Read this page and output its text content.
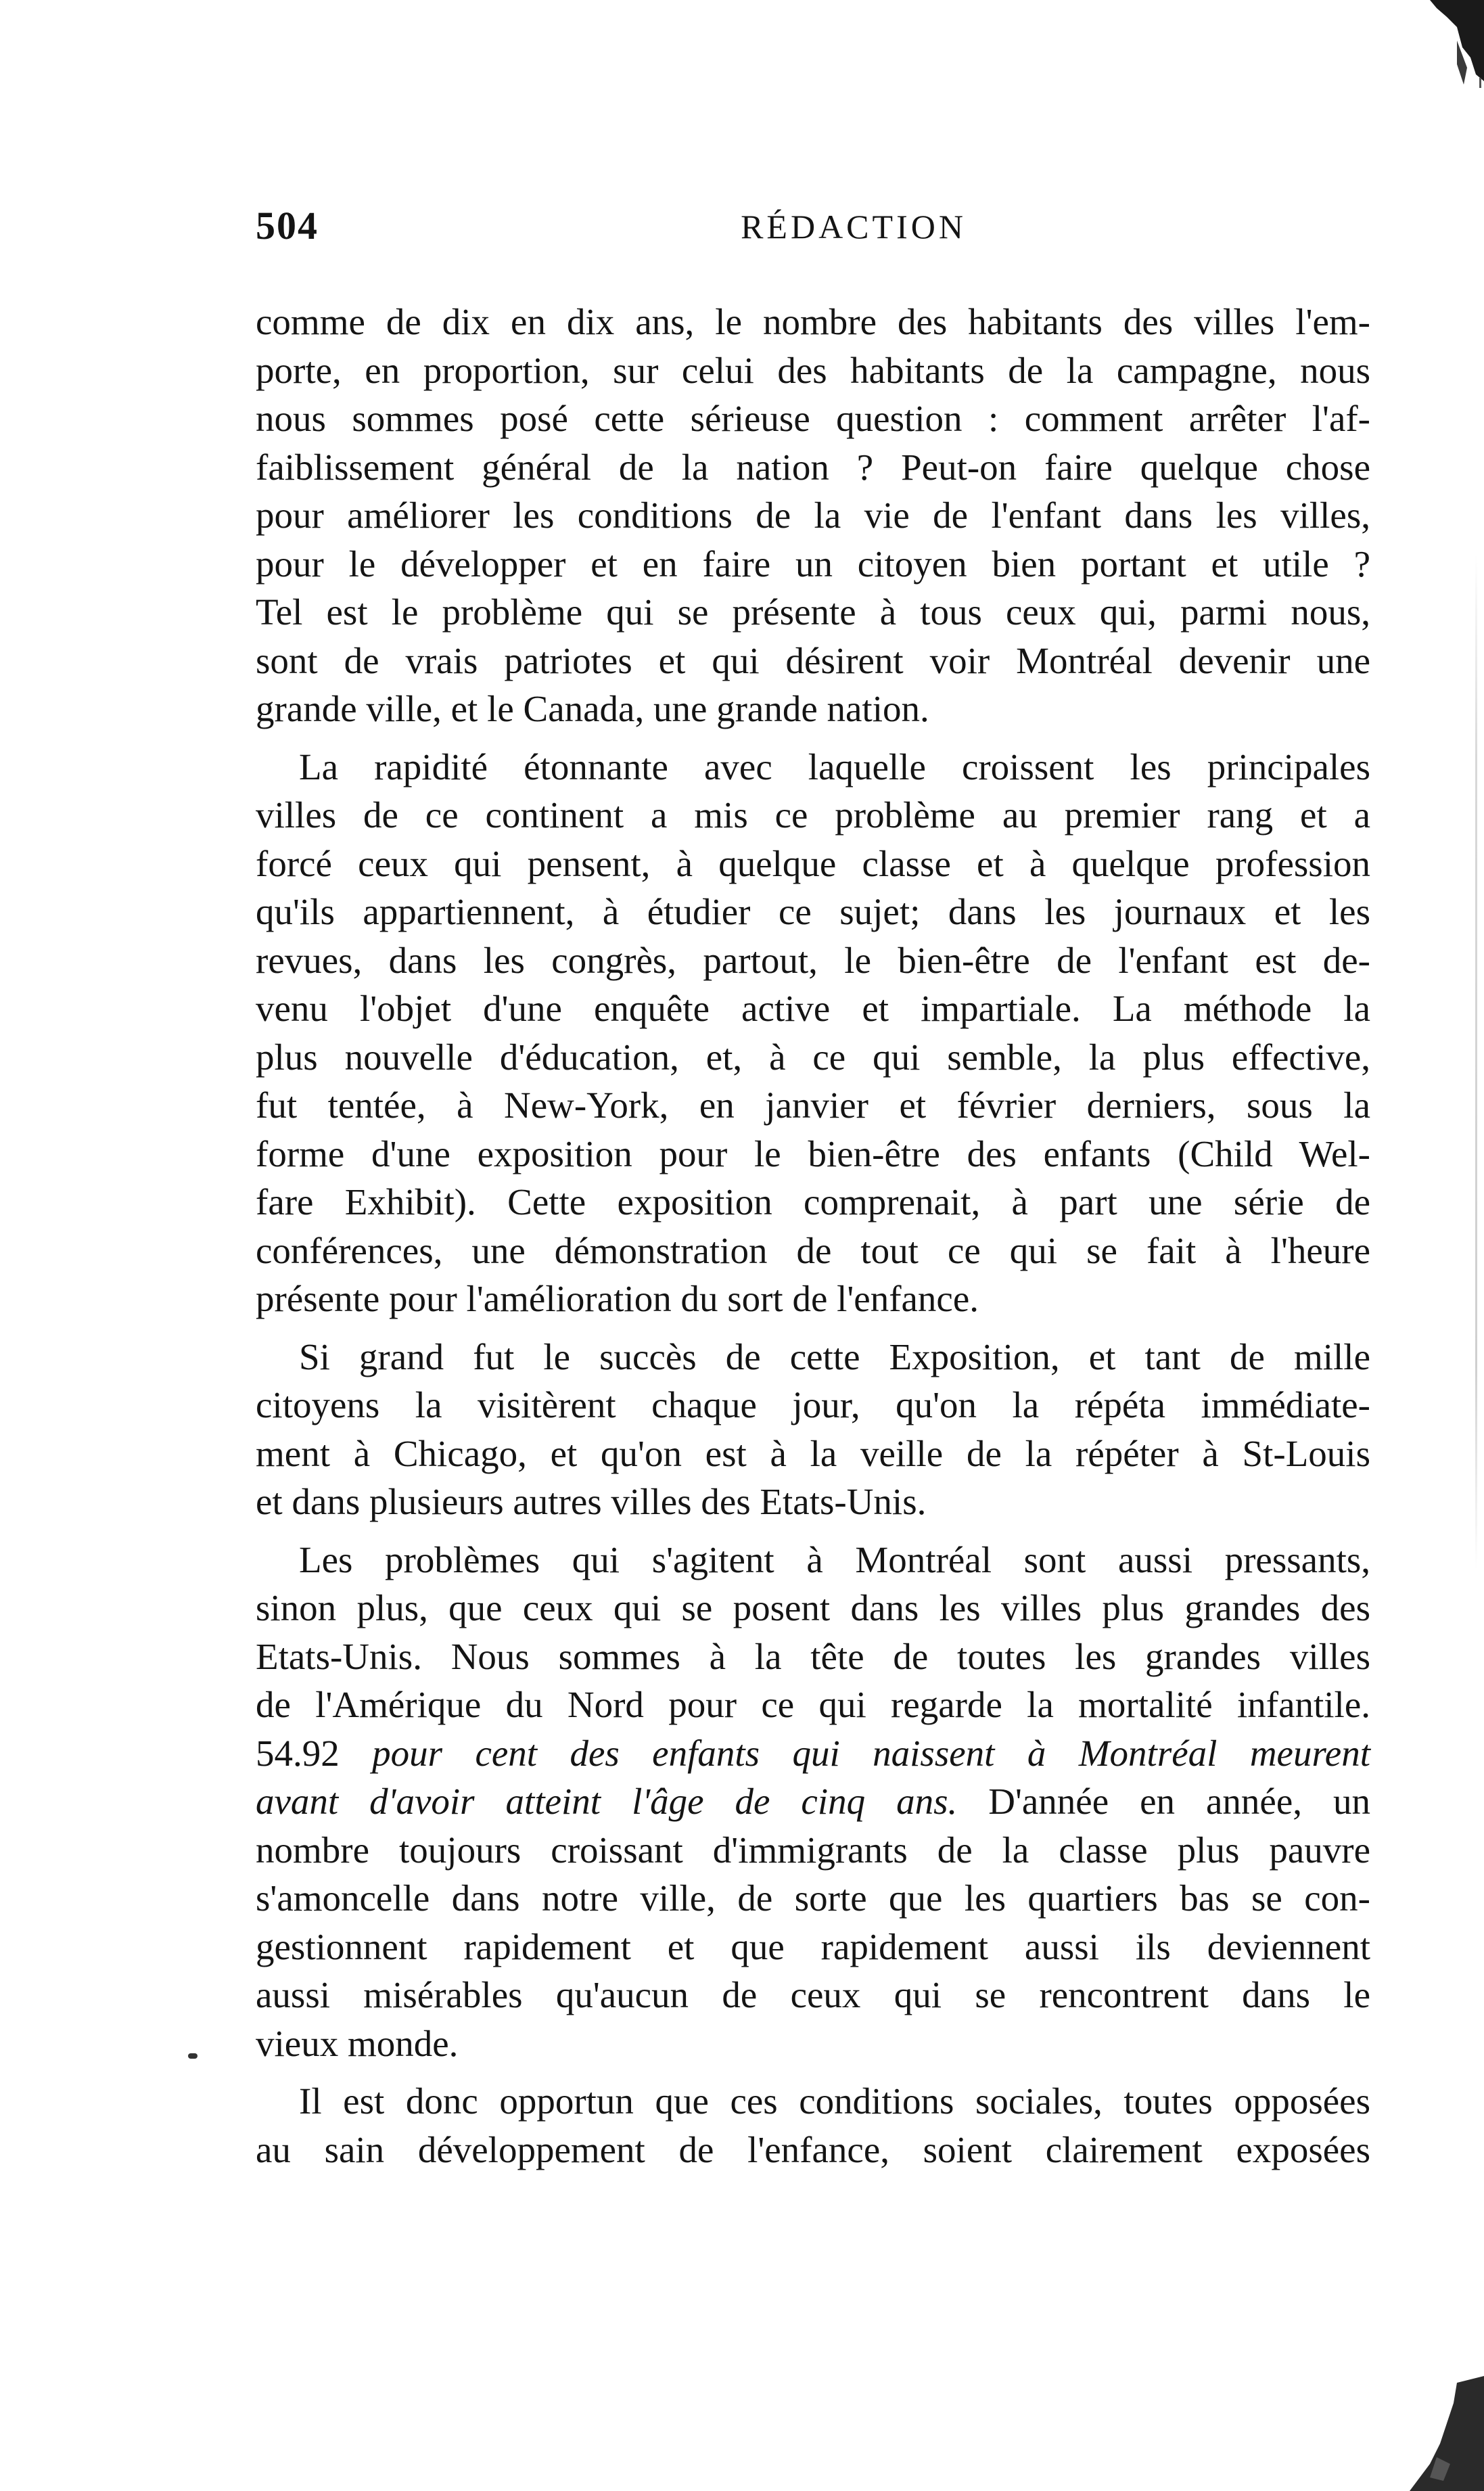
504	RÉDACTION
comme de dix en dix ans, le nombre des habitants des villes l'em-
porte, en proportion, sur celui des habitants de la campagne, nous
nous sommes posé cette sérieuse question : comment arrêter l'af-
faiblissement général de la nation ? Peut-on faire quelque chose
pour améliorer les conditions de la vie de l'enfant dans les villes,
pour le développer et en faire un citoyen bien portant et utile ?
Tel est le problème qui se présente à tous ceux qui, parmi nous,
sont de vrais patriotes et qui désirent voir Montréal devenir une
grande ville, et le Canada, une grande nation.
La rapidité étonnante avec laquelle croissent les principales
villes de ce continent a mis ce problème au premier rang et a
forcé ceux qui pensent, à quelque classe et à quelque profession
qu'ils appartiennent, à étudier ce sujet; dans les journaux et les
revues, dans les congrès, partout, le bien-être de l'enfant est de-
venu l'objet d'une enquête active et impartiale. La méthode la
plus nouvelle d'éducation, et, à ce qui semble, la plus effective,
fut tentée, à New-York, en janvier et février derniers, sous la
forme d'une exposition pour le bien-être des enfants (Child Wel-
fare Exhibit). Cette exposition comprenait, à part une série de
conférences, une démonstration de tout ce qui se fait à l'heure
présente pour l'amélioration du sort de l'enfance.
Si grand fut le succès de cette Exposition, et tant de mille
citoyens la visitèrent chaque jour, qu'on la répéta immédiate-
ment à Chicago, et qu'on est à la veille de la répéter à St-Louis
et dans plusieurs autres villes des Etats-Unis.
Les problèmes qui s'agitent à Montréal sont aussi pressants,
sinon plus, que ceux qui se posent dans les villes plus grandes des
Etats-Unis. Nous sommes à la tête de toutes les grandes villes
de l'Amérique du Nord pour ce qui regarde la mortalité infantile.
54.92 pour cent des enfants qui naissent à Montréal meurent
avant d'avoir atteint l'âge de cinq ans. D'année en année, un
nombre toujours croissant d'immigrants de la classe plus pauvre
s'amoncelle dans notre ville, de sorte que les quartiers bas se con-
gestionnent rapidement et que rapidement aussi ils deviennent
aussi misérables qu'aucun de ceux qui se rencontrent dans le
vieux monde.
Il est donc opportun que ces conditions sociales, toutes opposées
au sain développement de l'enfance, soient clairement exposées
